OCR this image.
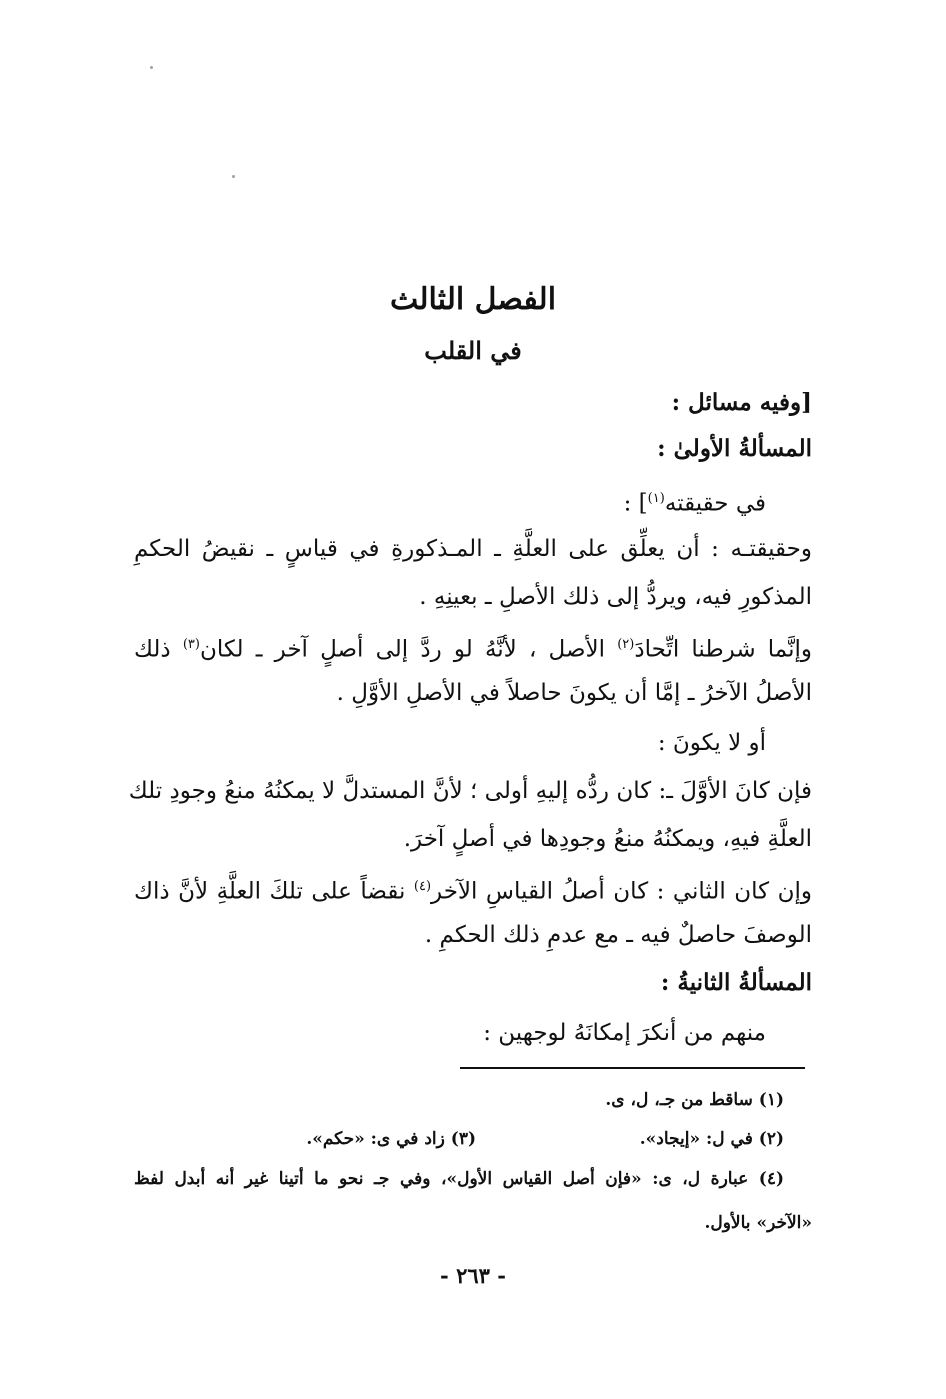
الفصل الثالث
في القلب

[وفيه مسائل :

المسألةُ الأولىٰ :

في حقيقته$^{(١)}$] :

وحقيقتـه : أن يعلِّق على العلَّةِ ـ المـذكورةِ في قياسٍ ـ نقيضُ الحكمِ

المذكورِ فيه، ويردُّ إلى ذلك الأصلِ ـ بعينِهِ .

وإنَّما شرطنا اتِّحادَ$^{(٢)}$ الأصل ، لأنَّهُ لو ردَّ إلى أصلٍ آخر ـ لكان$^{(٣)}$ ذلك

الأصلُ الآخرُ ـ إمَّا أن يكونَ حاصلاً في الأصلِ الأوَّلِ .

أو لا يكونَ :

فإن كانَ الأوَّلَ ـ: كان ردُّه إليهِ أولى ؛ لأنَّ المستدلَّ لا يمكنُهُ منعُ وجودِ تلك

العلَّةِ فيهِ، ويمكنُهُ منعُ وجودِها في أصلٍ آخرَ.

وإن كان الثاني : كان أصلُ القياسِ الآخر$^{(٤)}$ نقضاً على تلكَ العلَّةِ لأنَّ ذاك

الوصفَ حاصلٌ فيه ـ مع عدمِ ذلك الحكمِ .

المسألةُ الثانيةُ :

منهم من أنكرَ إمكانَهُ لوجهين :

(١) ساقط من جـ، ل، ى.

(٢) في ل: «إيجاد».

(٣) زاد في ى: «حكم».

(٤) عبارة ل، ى: «فإن أصل القياس الأول»، وفي جـ نحو ما أتينا غير أنه أبدل لفظ

«الآخر» بالأول.

- ٢٦٣ -
